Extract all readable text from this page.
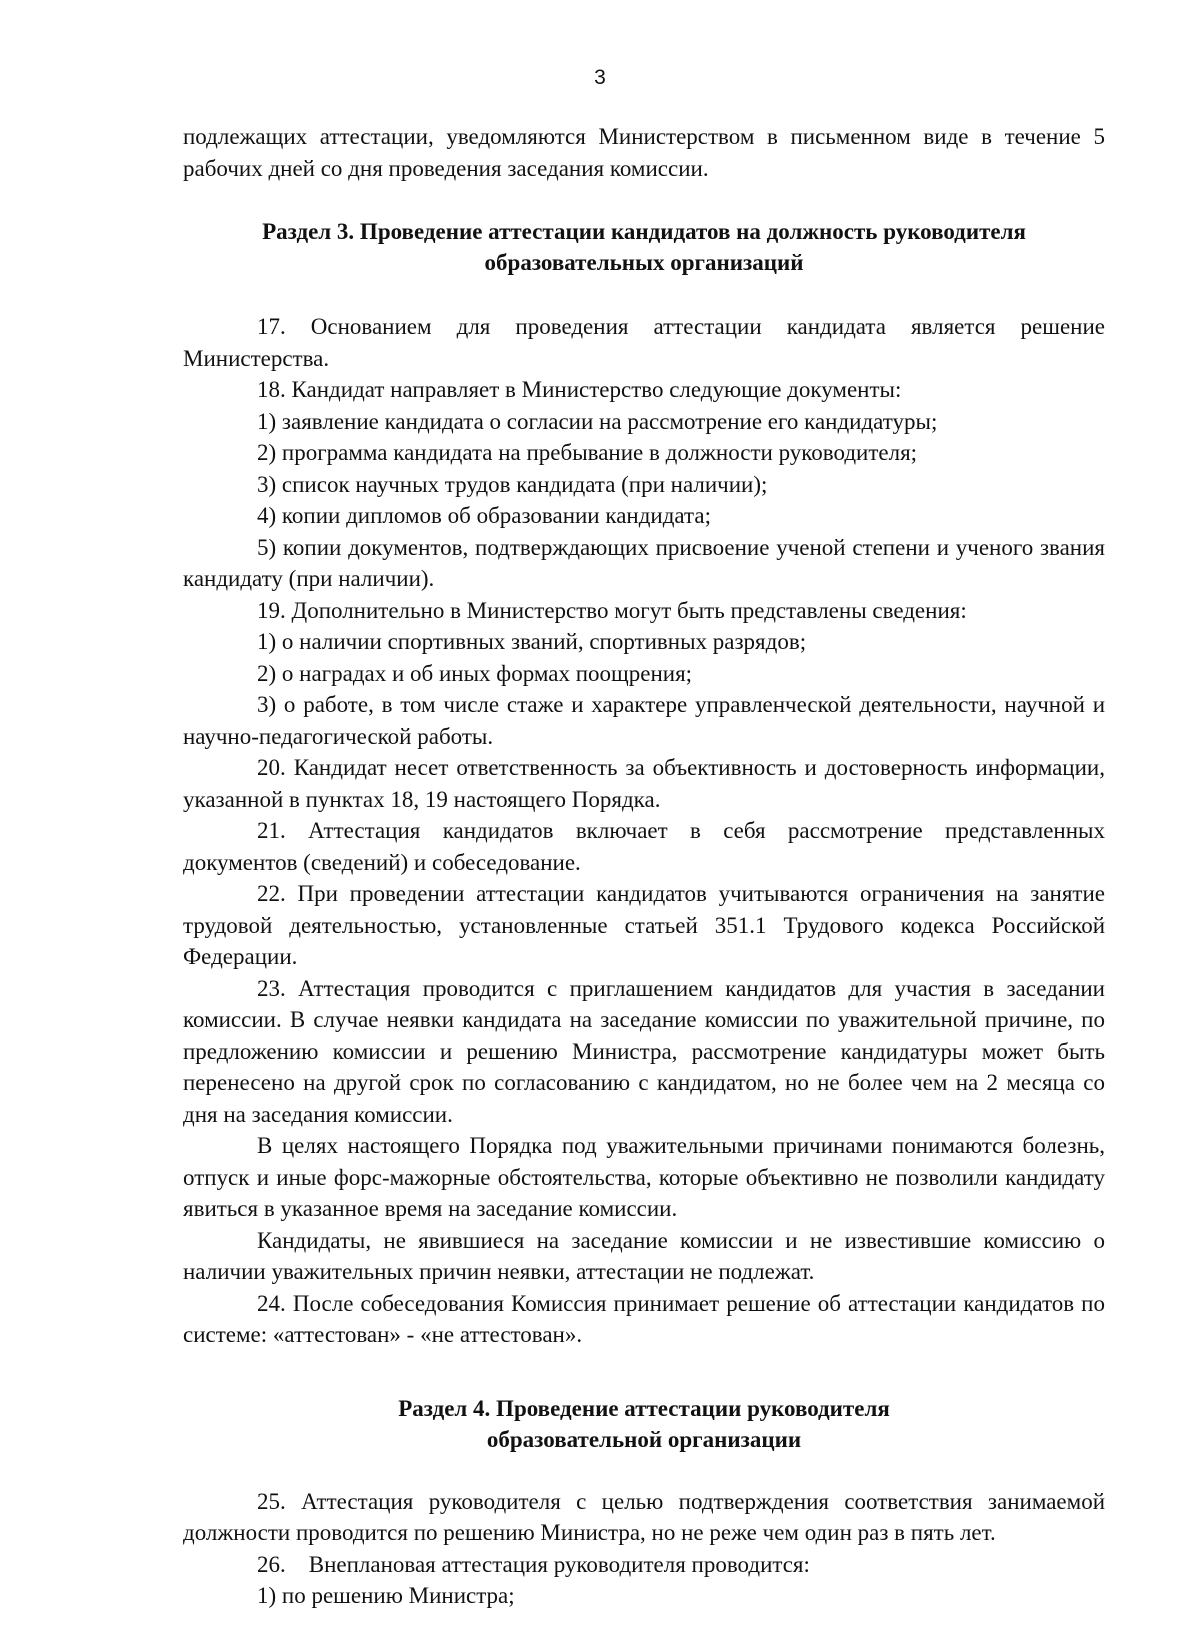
3

подлежащих аттестации, уведомляются Министерством в письменном виде в течение 5 рабочих дней со дня проведения заседания комиссии.

Раздел 3. Проведение аттестации кандидатов на должность руководителя
образовательных организаций

17. Основанием для проведения аттестации кандидата является решение Министерства.

18. Кандидат направляет в Министерство следующие документы:

1) заявление кандидата о согласии на рассмотрение его кандидатуры;

2) программа кандидата на пребывание в должности руководителя;

3) список научных трудов кандидата (при наличии);

4) копии дипломов об образовании кандидата;

5) копии документов, подтверждающих присвоение ученой степени и ученого звания кандидату (при наличии).

19. Дополнительно в Министерство могут быть представлены сведения:

1) о наличии спортивных званий, спортивных разрядов;

2) о наградах и об иных формах поощрения;

3) о работе, в том числе стаже и характере управленческой деятельности, научной и научно-педагогической работы.

20. Кандидат несет ответственность за объективность и достоверность информации, указанной в пунктах 18, 19 настоящего Порядка.

21. Аттестация кандидатов включает в себя рассмотрение представленных документов (сведений) и собеседование.

22. При проведении аттестации кандидатов учитываются ограничения на занятие трудовой деятельностью, установленные статьей 351.1 Трудового кодекса Российской Федерации.

23. Аттестация проводится с приглашением кандидатов для участия в заседании комиссии. В случае неявки кандидата на заседание комиссии по уважительной причине, по предложению комиссии и решению Министра, рассмотрение кандидатуры может быть перенесено на другой срок по согласованию с кандидатом, но не более чем на 2 месяца со дня на заседания комиссии.

В целях настоящего Порядка под уважительными причинами понимаются болезнь, отпуск и иные форс-мажорные обстоятельства, которые объективно не позволили кандидату явиться в указанное время на заседание комиссии.

Кандидаты, не явившиеся на заседание комиссии и не известившие комиссию о наличии уважительных причин неявки, аттестации не подлежат.

24. После собеседования Комиссия принимает решение об аттестации кандидатов по системе: «аттестован» - «не аттестован».

Раздел 4. Проведение аттестации руководителя
образовательной организации

25. Аттестация руководителя с целью подтверждения соответствия занимаемой должности проводится по решению Министра, но не реже чем один раз в пять лет.

26.    Внеплановая аттестация руководителя проводится:

1) по решению Министра;
